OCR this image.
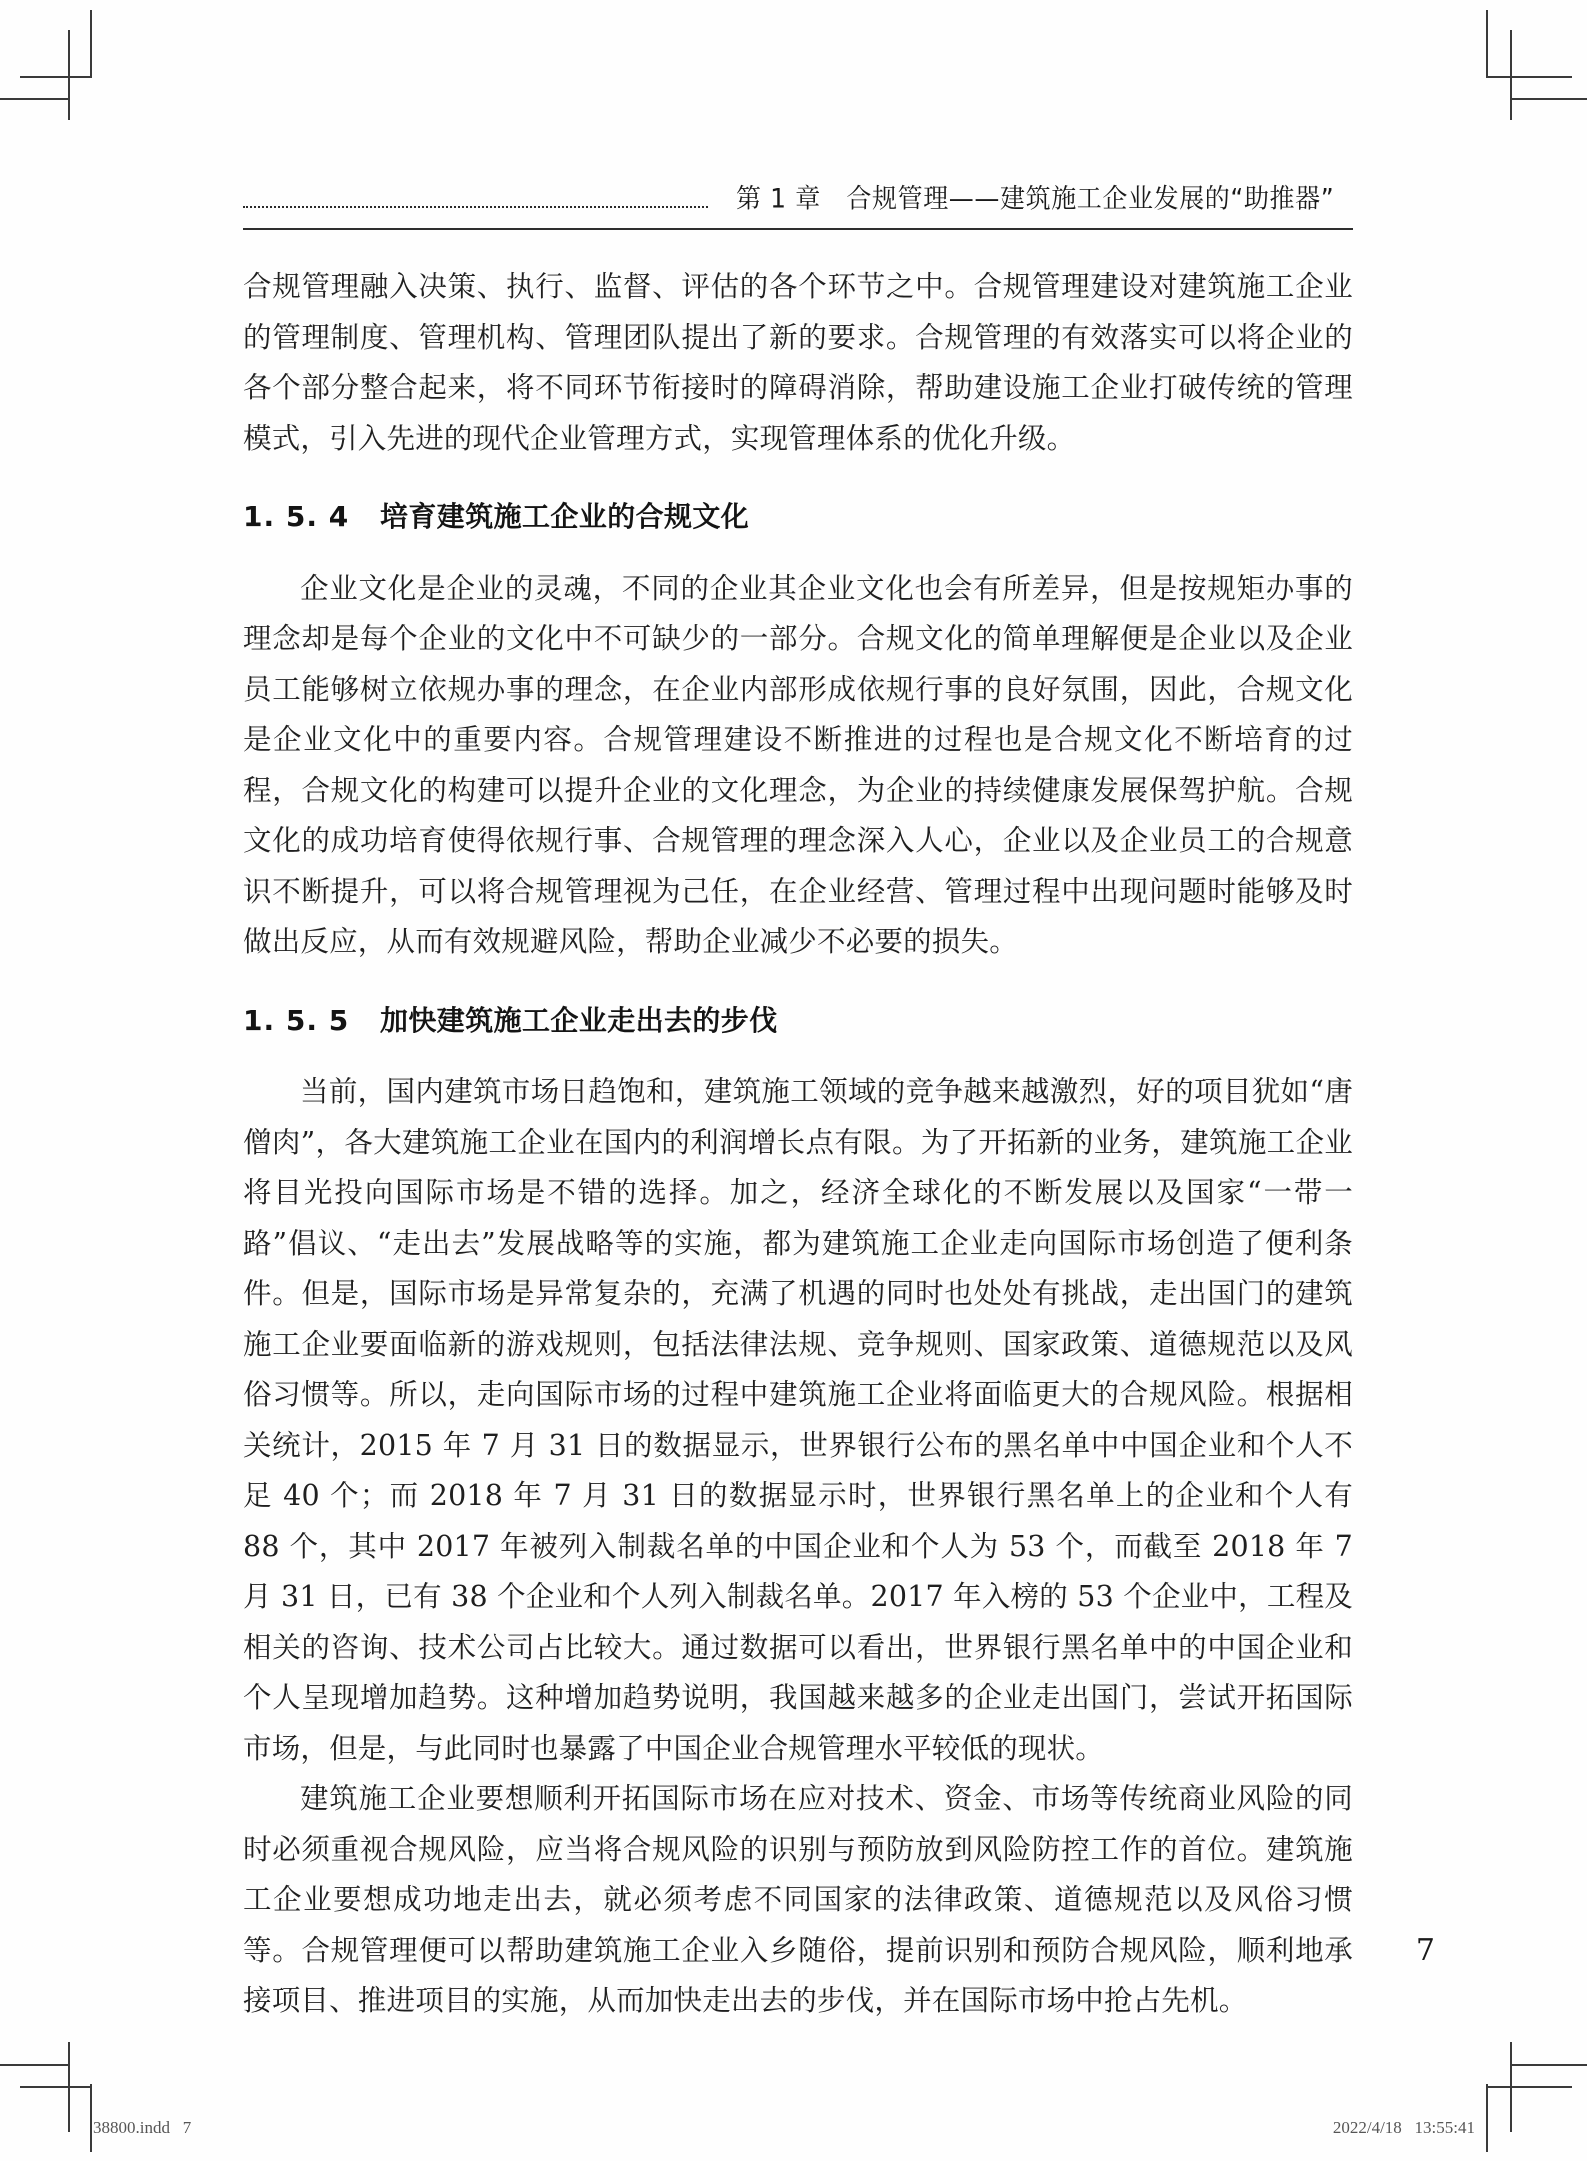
第 1 章　合规管理——建筑施工企业发展的“助推器”

合规管理融入决策、执行、监督、评估的各个环节之中。合规管理建设对建筑施工企业的管理制度、管理机构、管理团队提出了新的要求。合规管理的有效落实可以将企业的各个部分整合起来，将不同环节衔接时的障碍消除，帮助建设施工企业打破传统的管理模式，引入先进的现代企业管理方式，实现管理体系的优化升级。

1. 5. 4 培育建筑施工企业的合规文化

企业文化是企业的灵魂，不同的企业其企业文化也会有所差异，但是按规矩办事的理念却是每个企业的文化中不可缺少的一部分。合规文化的简单理解便是企业以及企业员工能够树立依规办事的理念，在企业内部形成依规行事的良好氛围，因此，合规文化是企业文化中的重要内容。合规管理建设不断推进的过程也是合规文化不断培育的过程，合规文化的构建可以提升企业的文化理念，为企业的持续健康发展保驾护航。合规文化的成功培育使得依规行事、合规管理的理念深入人心，企业以及企业员工的合规意识不断提升，可以将合规管理视为己任，在企业经营、管理过程中出现问题时能够及时做出反应，从而有效规避风险，帮助企业减少不必要的损失。

1. 5. 5 加快建筑施工企业走出去的步伐

当前，国内建筑市场日趋饱和，建筑施工领域的竞争越来越激烈，好的项目犹如“唐僧肉”，各大建筑施工企业在国内的利润增长点有限。为了开拓新的业务，建筑施工企业将目光投向国际市场是不错的选择。加之，经济全球化的不断发展以及国家“一带一路”倡议、“走出去”发展战略等的实施，都为建筑施工企业走向国际市场创造了便利条件。但是，国际市场是异常复杂的，充满了机遇的同时也处处有挑战，走出国门的建筑施工企业要面临新的游戏规则，包括法律法规、竞争规则、国家政策、道德规范以及风俗习惯等。所以，走向国际市场的过程中建筑施工企业将面临更大的合规风险。根据相关统计，2015 年 7 月 31 日的数据显示，世界银行公布的黑名单中中国企业和个人不足 40 个；而 2018 年 7 月 31 日的数据显示时，世界银行黑名单上的企业和个人有 88 个，其中 2017 年被列入制裁名单的中国企业和个人为 53 个，而截至 2018 年 7 月 31 日，已有 38 个企业和个人列入制裁名单。2017 年入榜的 53 个企业中，工程及相关的咨询、技术公司占比较大。通过数据可以看出，世界银行黑名单中的中国企业和个人呈现增加趋势。这种增加趋势说明，我国越来越多的企业走出国门，尝试开拓国际市场，但是，与此同时也暴露了中国企业合规管理水平较低的现状。

建筑施工企业要想顺利开拓国际市场在应对技术、资金、市场等传统商业风险的同时必须重视合规风险，应当将合规风险的识别与预防放到风险防控工作的首位。建筑施工企业要想成功地走出去，就必须考虑不同国家的法律政策、道德规范以及风俗习惯等。合规管理便可以帮助建筑施工企业入乡随俗，提前识别和预防合规风险，顺利地承接项目、推进项目的实施，从而加快走出去的步伐，并在国际市场中抢占先机。

7
38800.indd   7	2022/4/18   13:55:41
